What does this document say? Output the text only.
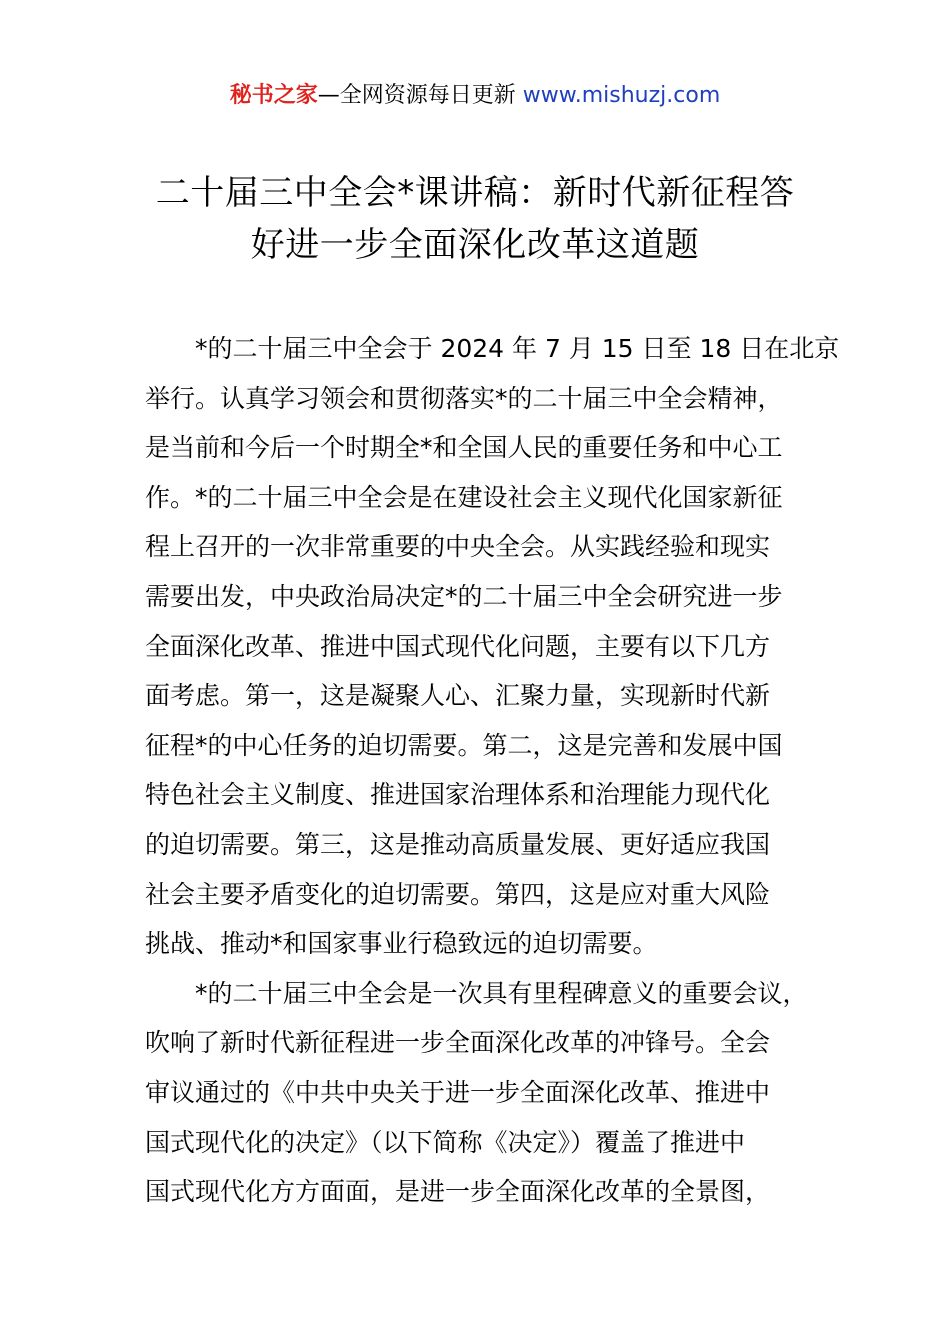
秘书之家—全网资源每日更新 www.mishuzj.com
二十届三中全会*课讲稿：新时代新征程答
好进一步全面深化改革这道题
*的二十届三中全会于 2024 年 7 月 15 日至 18 日在北京
举行。认真学习领会和贯彻落实*的二十届三中全会精神，
是当前和今后一个时期全*和全国人民的重要任务和中心工
作。*的二十届三中全会是在建设社会主义现代化国家新征
程上召开的一次非常重要的中央全会。从实践经验和现实
需要出发，中央政治局决定*的二十届三中全会研究进一步
全面深化改革、推进中国式现代化问题，主要有以下几方
面考虑。第一，这是凝聚人心、汇聚力量，实现新时代新
征程*的中心任务的迫切需要。第二，这是完善和发展中国
特色社会主义制度、推进国家治理体系和治理能力现代化
的迫切需要。第三，这是推动高质量发展、更好适应我国
社会主要矛盾变化的迫切需要。第四，这是应对重大风险
挑战、推动*和国家事业行稳致远的迫切需要。
*的二十届三中全会是一次具有里程碑意义的重要会议，
吹响了新时代新征程进一步全面深化改革的冲锋号。全会
审议通过的《中共中央关于进一步全面深化改革、推进中
国式现代化的决定》（以下简称《决定》）覆盖了推进中
国式现代化方方面面，是进一步全面深化改革的全景图，
